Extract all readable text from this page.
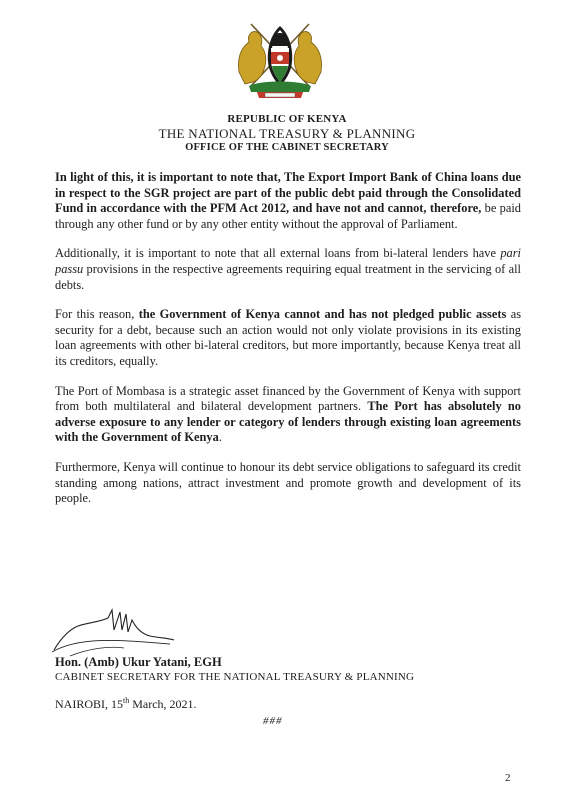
REPUBLIC OF KENYA
THE NATIONAL TREASURY & PLANNING
OFFICE OF THE CABINET SECRETARY

In light of this, it is important to note that, The Export Import Bank of China loans due in respect to the SGR project are part of the public debt paid through the Consolidated Fund in accordance with the PFM Act 2012, and have not and cannot, therefore, be paid through any other fund or by any other entity without the approval of Parliament.

Additionally, it is important to note that all external loans from bi-lateral lenders have pari passu provisions in the respective agreements requiring equal treatment in the servicing of all debts.

For this reason, the Government of Kenya cannot and has not pledged public assets as security for a debt, because such an action would not only violate provisions in its existing loan agreements with other bi-lateral creditors, but more importantly, because Kenya treat all its creditors, equally.

The Port of Mombasa is a strategic asset financed by the Government of Kenya with support from both multilateral and bilateral development partners. The Port has absolutely no adverse exposure to any lender or category of lenders through existing loan agreements with the Government of Kenya.

Furthermore, Kenya will continue to honour its debt service obligations to safeguard its credit standing among nations, attract investment and promote growth and development of its people.

Hon. (Amb) Ukur Yatani, EGH
CABINET SECRETARY FOR THE NATIONAL TREASURY & PLANNING
NAIROBI, 15th March, 2021.
###
2
